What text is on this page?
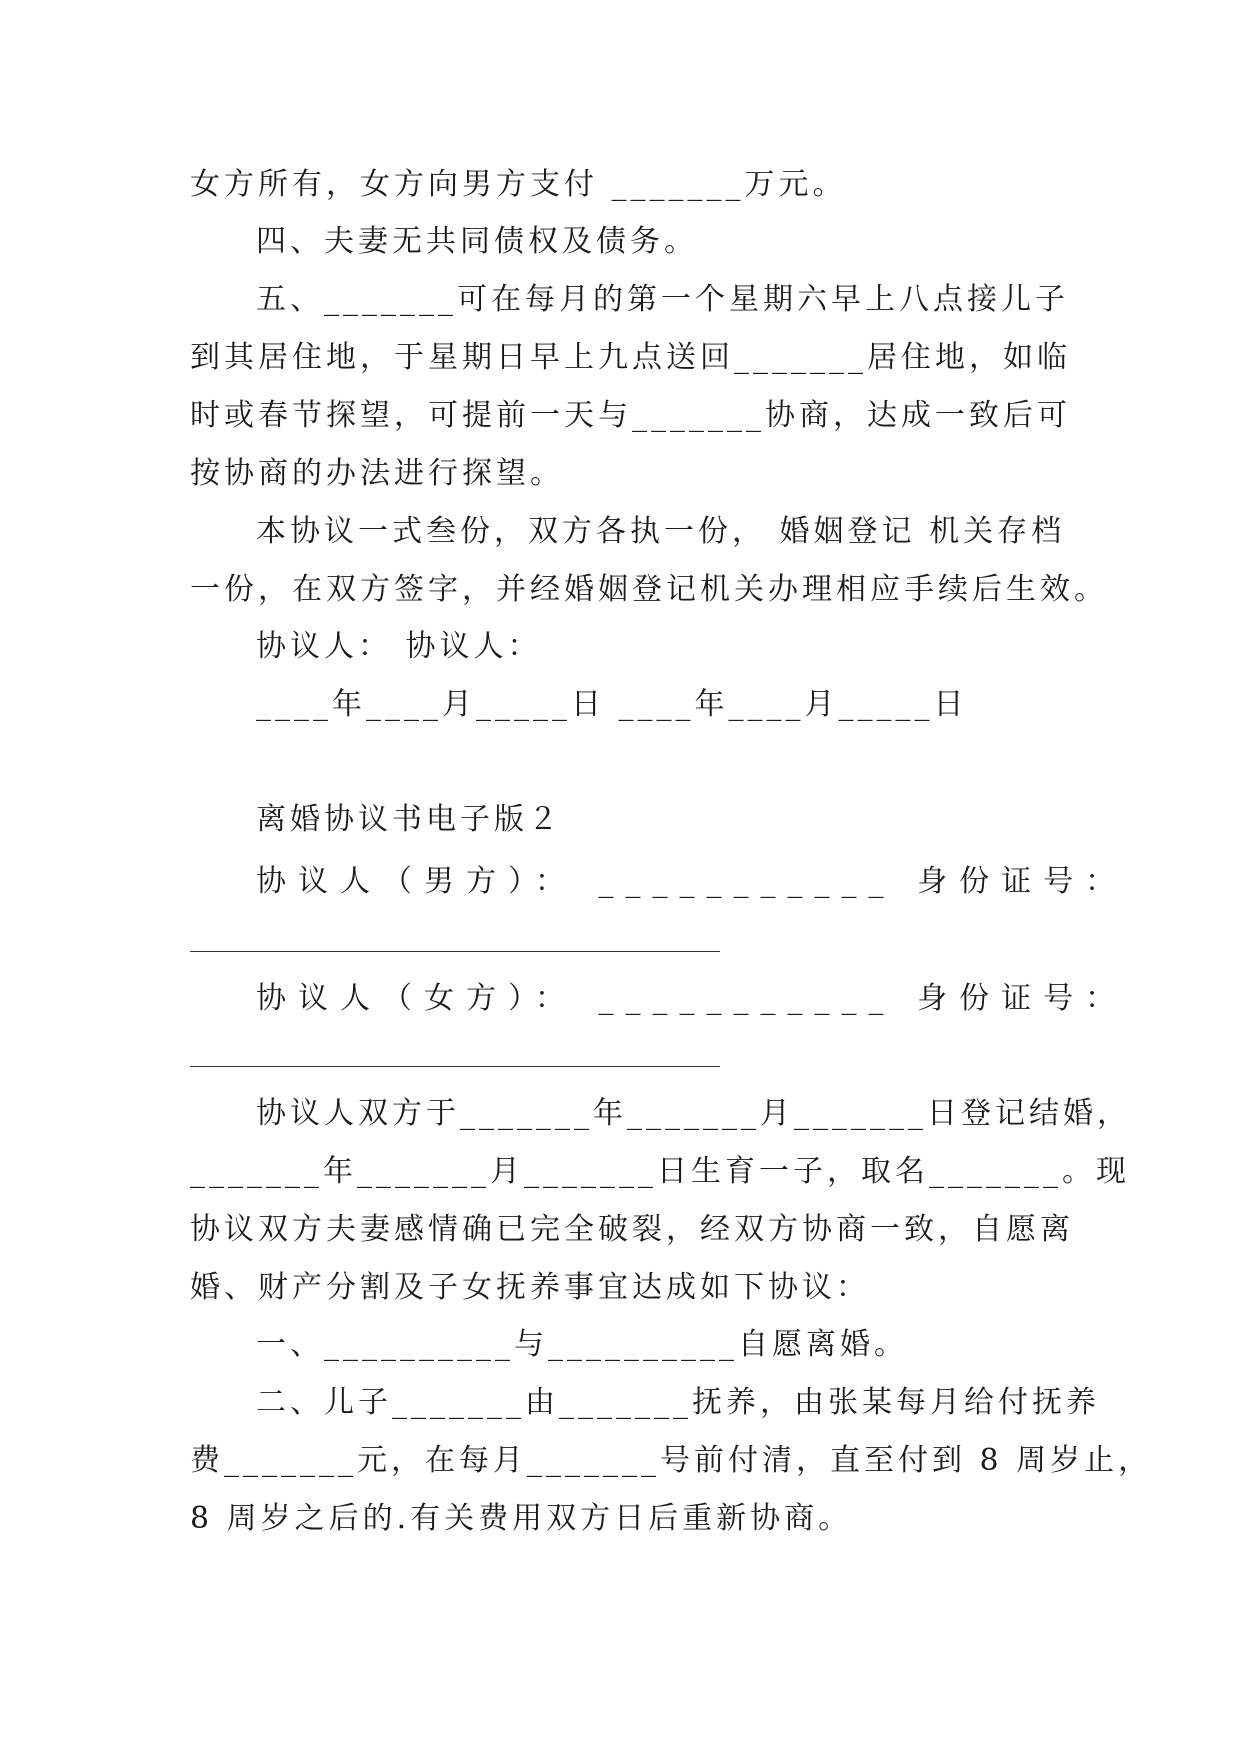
女方所有，女方向男方支付 _______万元。
四、夫妻无共同债权及债务。
五、_______可在每月的第一个星期六早上八点接儿子
到其居住地，于星期日早上九点送回_______居住地，如临
时或春节探望，可提前一天与_______协商，达成一致后可
按协商的办法进行探望。
本协议一式叁份，双方各执一份， 婚姻登记 机关存档
一份，在双方签字，并经婚姻登记机关办理相应手续后生效。
协议人： 协议人：
____年____月_____日 ____年____月_____日
离婚协议书电子版２
协议人（男方）： ___________ 身份证号：
协议人（女方）： ___________ 身份证号：
协议人双方于_______年_______月_______日登记结婚，
_______年_______月_______日生育一子，取名_______。现
协议双方夫妻感情确已完全破裂，经双方协商一致，自愿离
婚、财产分割及子女抚养事宜达成如下协议：
一、__________与__________自愿离婚。
二、儿子_______由_______抚养，由张某每月给付抚养
费_______元，在每月_______号前付清，直至付到 8 周岁止，
8 周岁之后的.有关费用双方日后重新协商。
